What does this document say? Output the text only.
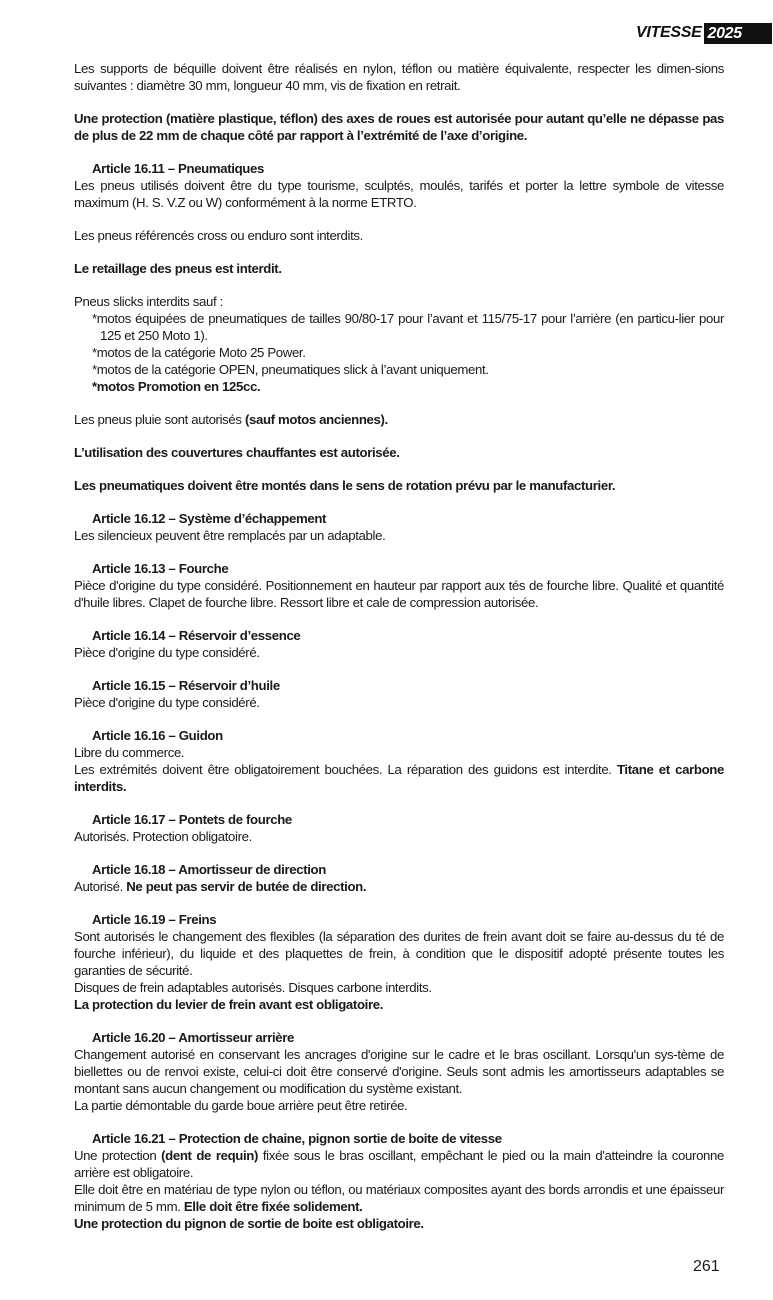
VITESSE 2025

Les supports de béquille doivent être réalisés en nylon, téflon ou matière équivalente, respecter les dimen-sions suivantes : diamètre 30 mm, longueur 40 mm, vis de fixation en retrait.

Une protection (matière plastique, téflon) des axes de roues est autorisée pour autant qu’elle ne dépasse pas de plus de 22 mm de chaque côté par rapport à l’extrémité de l’axe d’origine.

Article 16.11 – Pneumatiques

Les pneus utilisés doivent être du type tourisme, sculptés, moulés, tarifés et porter la lettre symbole de vitesse maximum (H. S. V.Z ou W) conformément à la norme ETRTO.

Les pneus référencés cross ou enduro sont interdits.

Le retaillage des pneus est interdit.

Pneus slicks interdits sauf :

*motos équipées de pneumatiques de tailles 90/80-17 pour l’avant et 115/75-17 pour l’arrière (en particu-lier pour 125 et 250 Moto 1).
*motos de la catégorie Moto 25 Power.
*motos de la catégorie OPEN, pneumatiques slick à l’avant uniquement.
*motos Promotion en 125cc.

Les pneus pluie sont autorisés (sauf motos anciennes).

L’utilisation des couvertures chauffantes est autorisée.

Les pneumatiques doivent être montés dans le sens de rotation prévu par le manufacturier.

Article 16.12 – Système d’échappement

Les silencieux peuvent être remplacés par un adaptable.

Article 16.13 – Fourche

Pièce d'origine du type considéré. Positionnement en hauteur par rapport aux tés de fourche libre. Qualité et quantité d'huile libres. Clapet de fourche libre. Ressort libre et cale de compression autorisée.

Article 16.14 – Réservoir d’essence

Pièce d'origine du type considéré.

Article 16.15 – Réservoir d’huile

Pièce d'origine du type considéré.

Article 16.16 – Guidon

Libre du commerce.

Les extrémités doivent être obligatoirement bouchées. La réparation des guidons est interdite. Titane et carbone interdits.

Article 16.17 – Pontets de fourche

Autorisés. Protection obligatoire.

Article 16.18 – Amortisseur de direction

Autorisé. Ne peut pas servir de butée de direction.

Article 16.19 – Freins

Sont autorisés le changement des flexibles (la séparation des durites de frein avant doit se faire au-dessus du té de fourche inférieur), du liquide et des plaquettes de frein, à condition que le dispositif adopté présente toutes les garanties de sécurité.

Disques de frein adaptables autorisés. Disques carbone interdits.

La protection du levier de frein avant est obligatoire.

Article 16.20 – Amortisseur arrière

Changement autorisé en conservant les ancrages d'origine sur le cadre et le bras oscillant. Lorsqu'un sys-tème de biellettes ou de renvoi existe, celui-ci doit être conservé d'origine. Seuls sont admis les amortisseurs adaptables se montant sans aucun changement ou modification du système existant.

La partie démontable du garde boue arrière peut être retirée.

Article 16.21 – Protection de chaine, pignon sortie de boite de vitesse

Une protection (dent de requin) fixée sous le bras oscillant, empêchant le pied ou la main d'atteindre la couronne arrière est obligatoire.

Elle doit être en matériau de type nylon ou téflon, ou matériaux composites ayant des bords arrondis et une épaisseur minimum de 5 mm. Elle doit être fixée solidement.

Une protection du pignon de sortie de boite est obligatoire.

261
